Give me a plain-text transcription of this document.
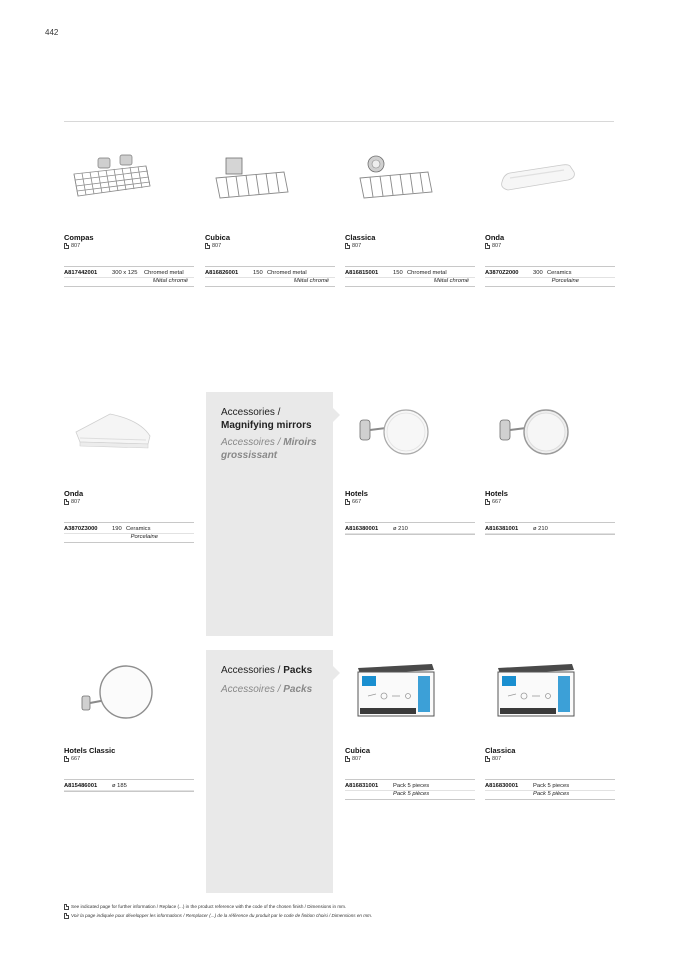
442
Compas
807
A817442001	300 x 125	Chromed metal
Métal chromé
Cubica
807
A816826001	150 Chromed metal
Métal chromé
Classica
807
A816815001	150 Chromed metal
Métal chromé
Onda
807
A3870Z2000	300 Ceramics
Porcelaine
Onda
807
A3870Z3000	190 Ceramics
Porcelaine
Accessories /
Magnifying mirrors
Accessoires / Miroirs grossissant
Hotels
667
A816380001	ø 210
Hotels
667
A816381001	ø 210
Hotels Classic
667
A815486001	ø 185
Accessories / Packs
Accessoires / Packs
Cubica
807
A816831001	Pack 5 pieces
Pack 5 pièces
Classica
807
A816830001	Pack 5 pieces
Pack 5 pièces
See indicated page for further information / Replace (...) in the product reference with the code of the chosen finish / Dimensions in mm.
Voir la page indiquée pour développer les informations / Remplacer (...) de la référence du produit par le code de finition choisi / Dimensions en mm.
